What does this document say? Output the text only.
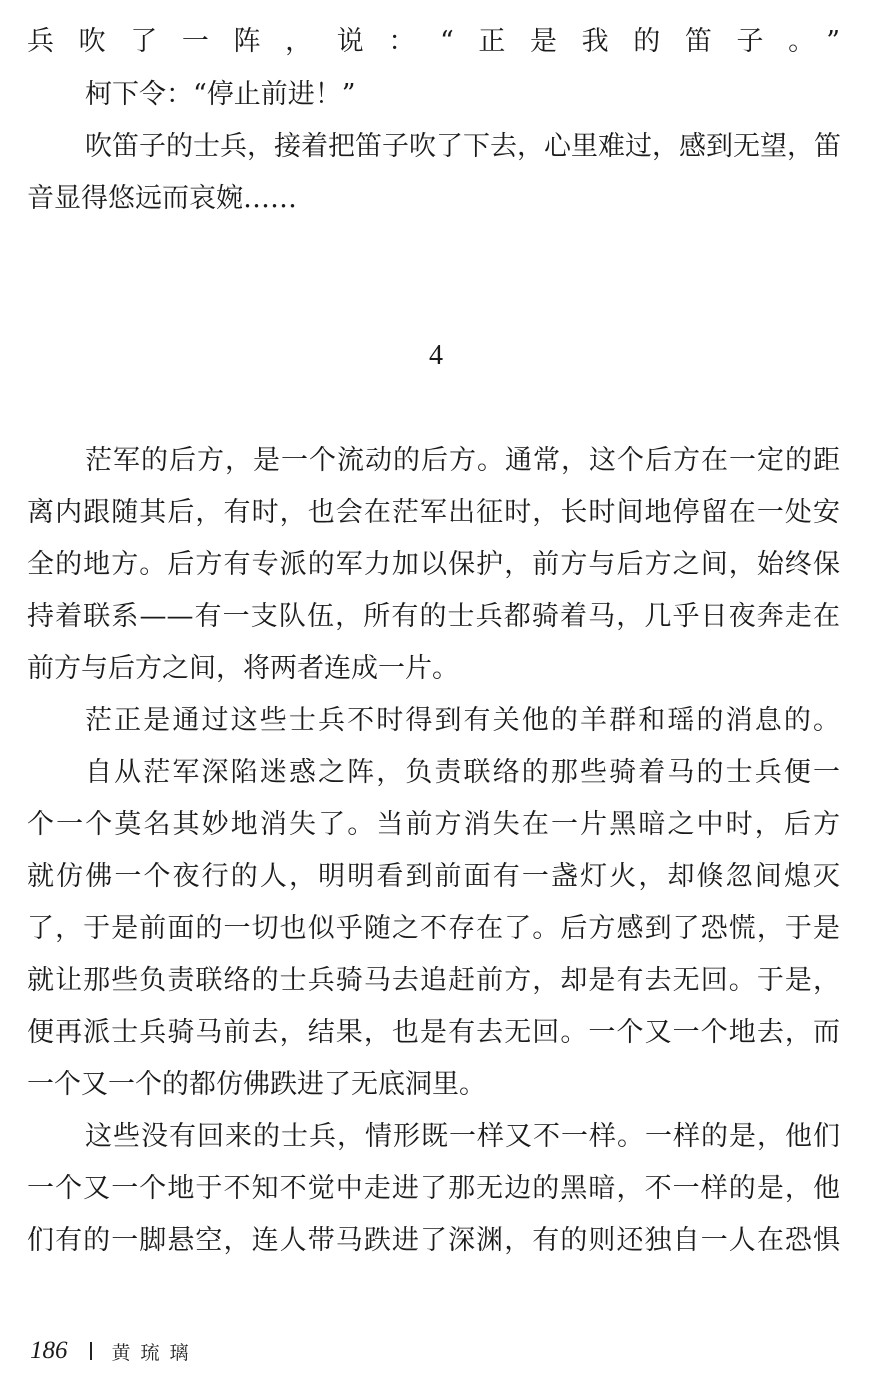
兵吹了一阵，说：“正是我的笛子。”
柯下令：“停止前进！”
吹笛子的士兵，接着把笛子吹了下去，心里难过，感到无望，笛
音显得悠远而哀婉……
4
茫军的后方，是一个流动的后方。通常，这个后方在一定的距
离内跟随其后，有时，也会在茫军出征时，长时间地停留在一处安
全的地方。后方有专派的军力加以保护，前方与后方之间，始终保
持着联系——有一支队伍，所有的士兵都骑着马，几乎日夜奔走在
前方与后方之间，将两者连成一片。
茫正是通过这些士兵不时得到有关他的羊群和瑶的消息的。
自从茫军深陷迷惑之阵，负责联络的那些骑着马的士兵便一
个一个莫名其妙地消失了。当前方消失在一片黑暗之中时，后方
就仿佛一个夜行的人，明明看到前面有一盏灯火，却倏忽间熄灭
了，于是前面的一切也似乎随之不存在了。后方感到了恐慌，于是
就让那些负责联络的士兵骑马去追赶前方，却是有去无回。于是，
便再派士兵骑马前去，结果，也是有去无回。一个又一个地去，而
一个又一个的都仿佛跌进了无底洞里。
这些没有回来的士兵，情形既一样又不一样。一样的是，他们
一个又一个地于不知不觉中走进了那无边的黑暗，不一样的是，他
们有的一脚悬空，连人带马跌进了深渊，有的则还独自一人在恐惧
186 黄琉璃
